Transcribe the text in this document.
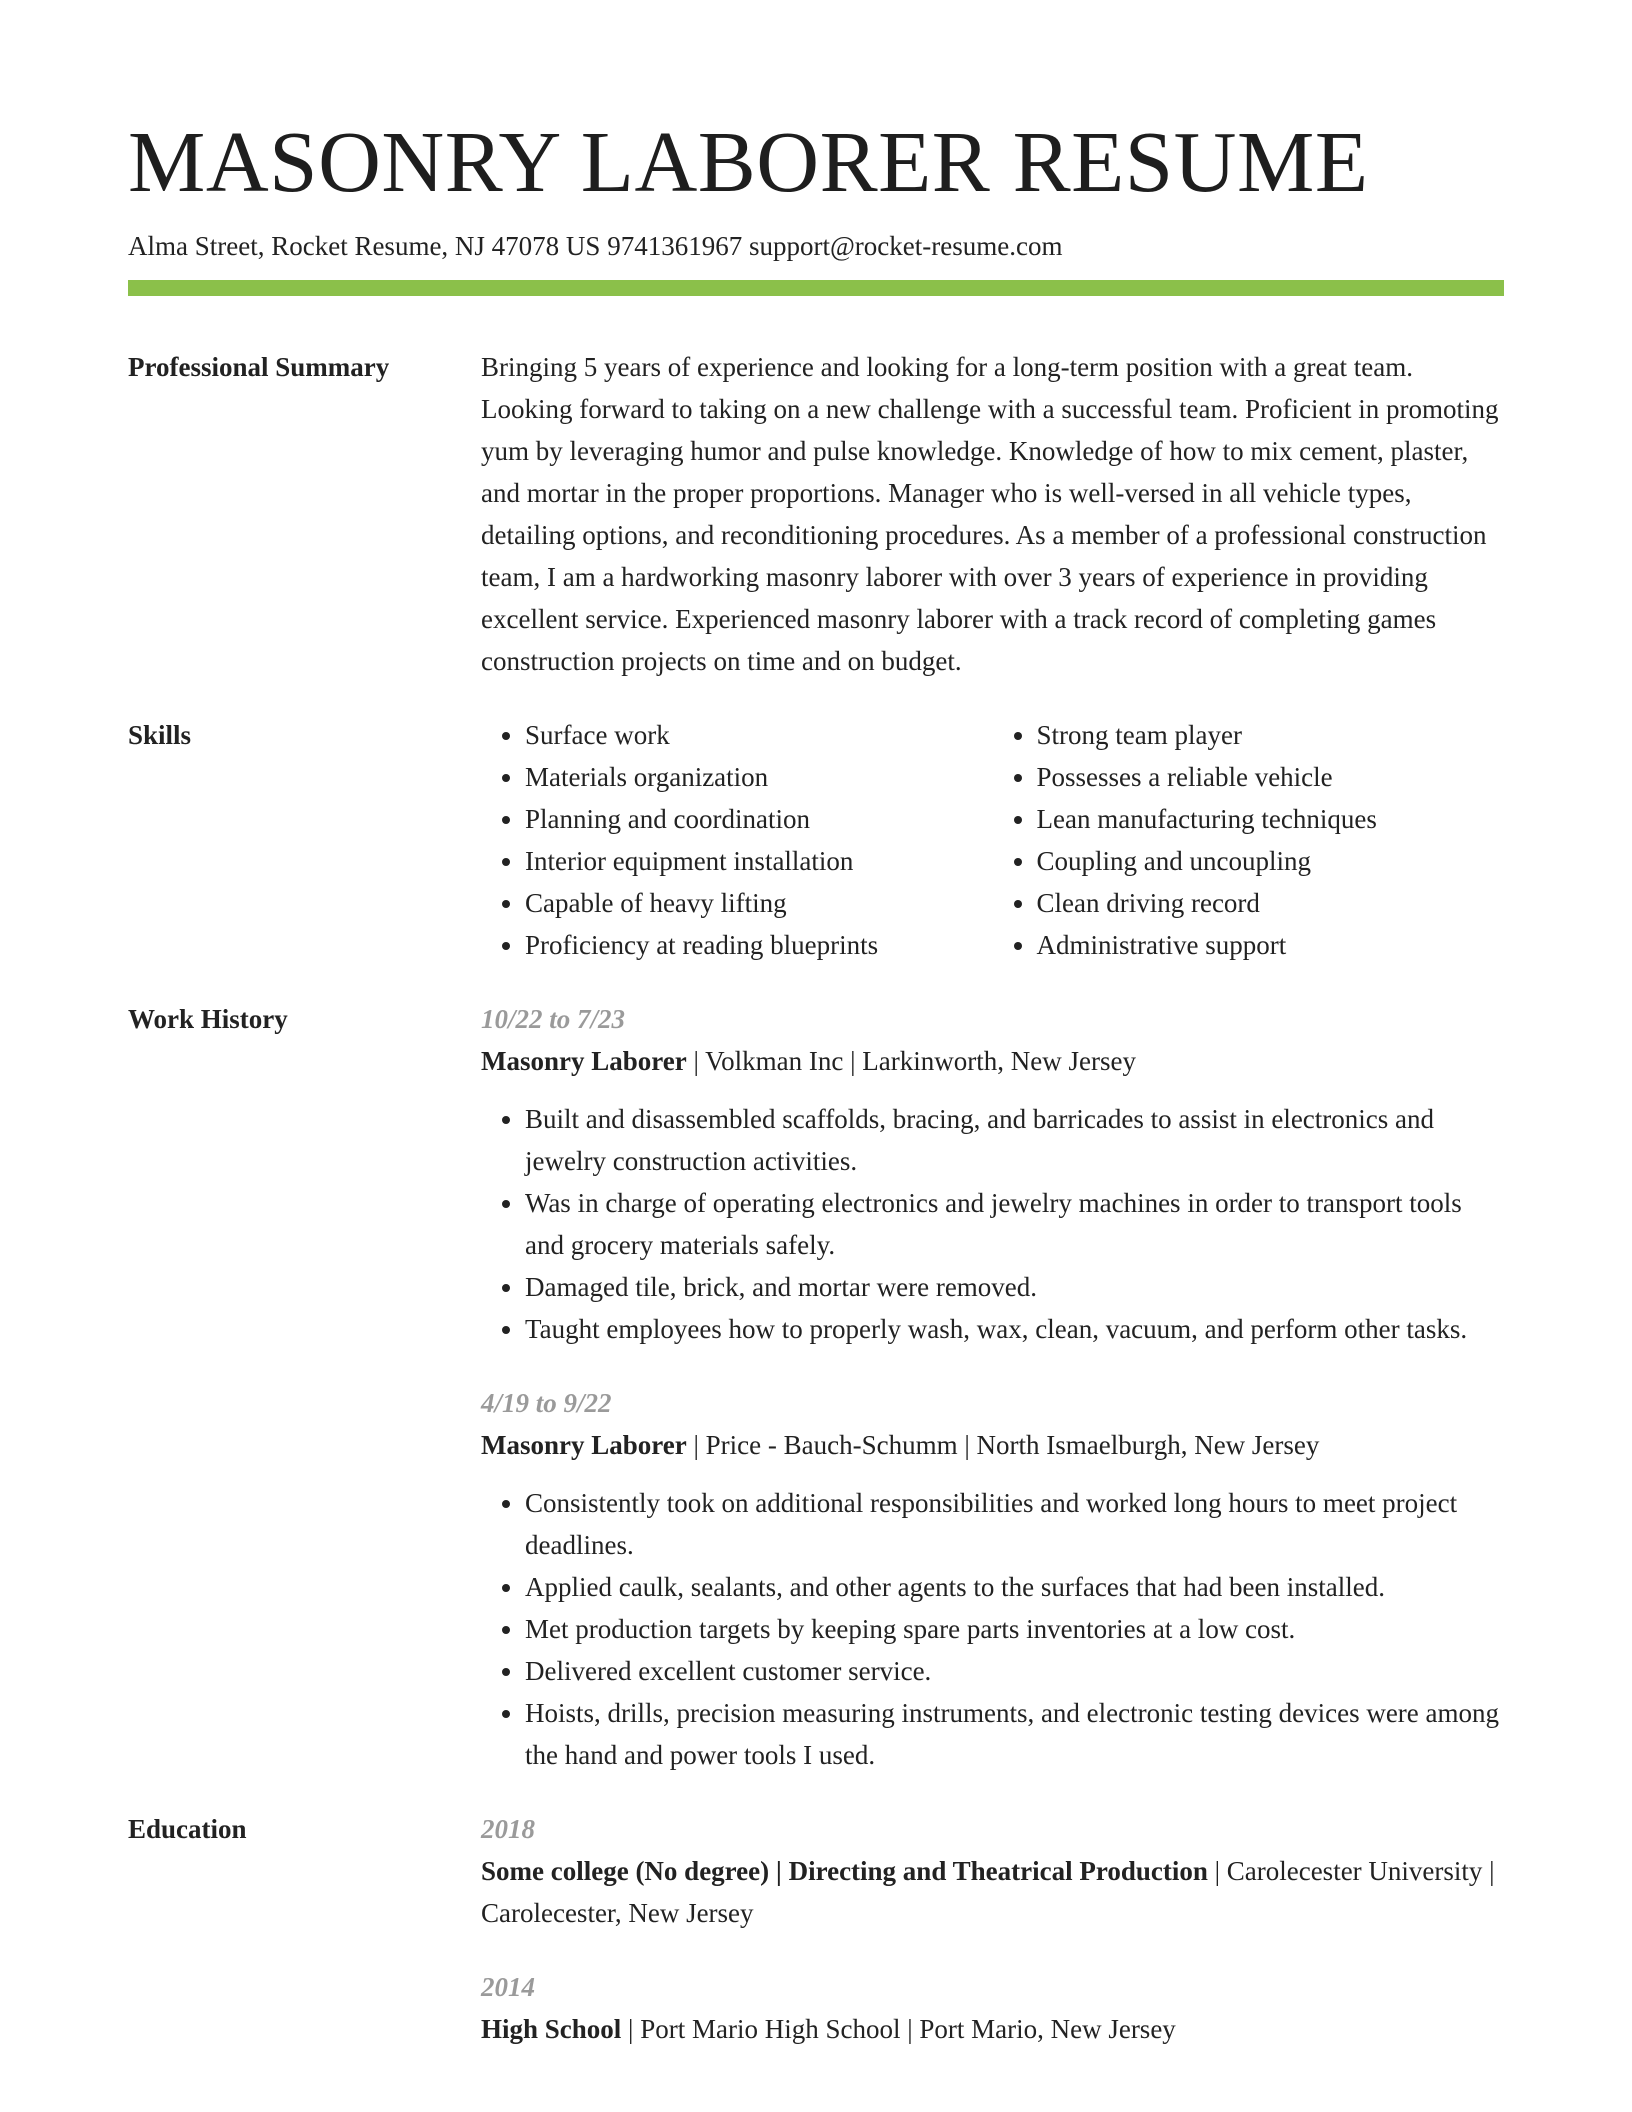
MASONRY LABORER RESUME
Alma Street, Rocket Resume, NJ 47078 US 9741361967 support@rocket-resume.com
Professional Summary	Bringing 5 years of experience and looking for a long-term position with a great team. Looking forward to taking on a new challenge with a successful team. Proficient in promoting yum by leveraging humor and pulse knowledge. Knowledge of how to mix cement, plaster, and mortar in the proper proportions. Manager who is well-versed in all vehicle types, detailing options, and reconditioning procedures. As a member of a professional construction team, I am a hardworking masonry laborer with over 3 years of experience in providing excellent service. Experienced masonry laborer with a track record of completing games construction projects on time and on budget.

Skills
•	Surface work
• Materials organization
• Planning and coordination
• Interior equipment installation
• Capable of heavy lifting
• Proficiency at reading blueprints
• Strong team player
• Possesses a reliable vehicle
• Lean manufacturing techniques
• Coupling and uncoupling
• Clean driving record
• Administrative support
Work History	10/22 to 7/23
Masonry Laborer | Volkman Inc | Larkinworth, New Jersey
• Built and disassembled scaffolds, bracing, and barricades to assist in electronics and jewelry construction activities.
• Was in charge of operating electronics and jewelry machines in order to transport tools and grocery materials safely.
• Damaged tile, brick, and mortar were removed.
• Taught employees how to properly wash, wax, clean, vacuum, and perform other tasks.
4/19 to 9/22
Masonry Laborer | Price - Bauch-Schumm | North Ismaelburgh, New Jersey
• Consistently took on additional responsibilities and worked long hours to meet project deadlines.
• Applied caulk, sealants, and other agents to the surfaces that had been installed.
• Met production targets by keeping spare parts inventories at a low cost.
• Delivered excellent customer service.
• Hoists, drills, precision measuring instruments, and electronic testing devices were among the hand and power tools I used.
Education	2018
Some college (No degree) | Directing and Theatrical Production | Carolecester University | Carolecester, New Jersey
2014
High School | Port Mario High School | Port Mario, New Jersey
